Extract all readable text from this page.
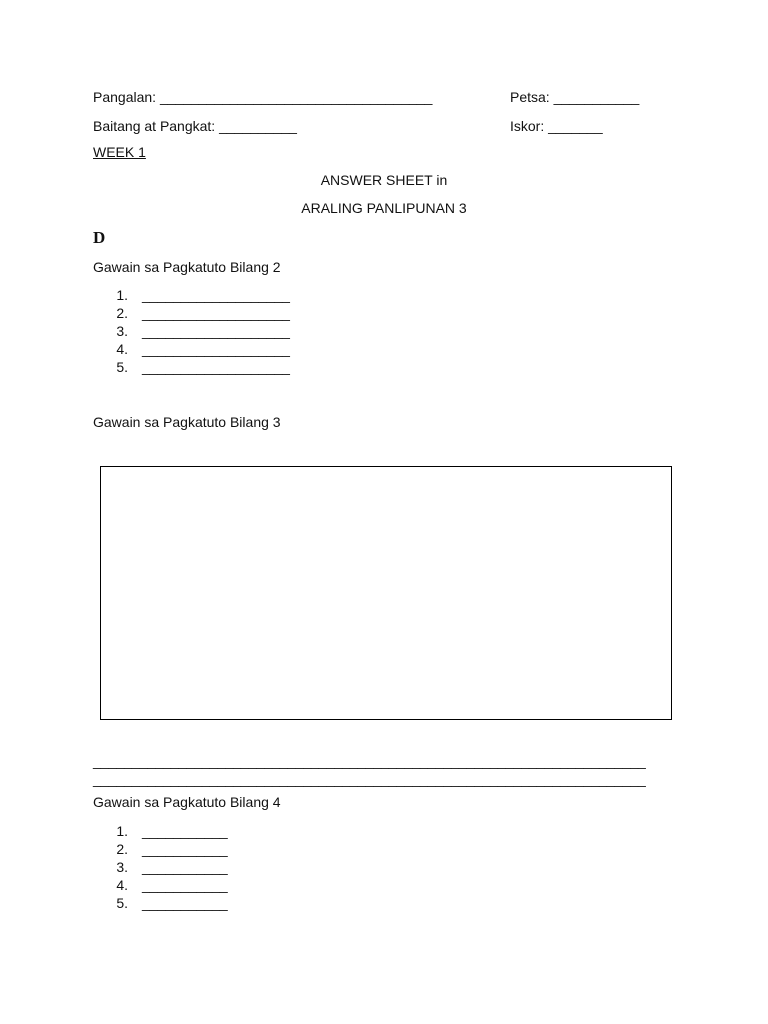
Pangalan: ___________________________________	Petsa: ___________
Baitang at Pangkat: __________	Iskor: _______
WEEK 1
ANSWER SHEET in
ARALING PANLIPUNAN 3
D
Gawain sa Pagkatuto Bilang 2
1. ___________________
2. ___________________
3. ___________________
4. ___________________
5. ___________________
Gawain sa Pagkatuto Bilang 3
_______________________________________________________________________
_______________________________________________________________________
Gawain sa Pagkatuto Bilang 4
1. ___________
2. ___________
3. ___________
4. ___________
5. ___________
